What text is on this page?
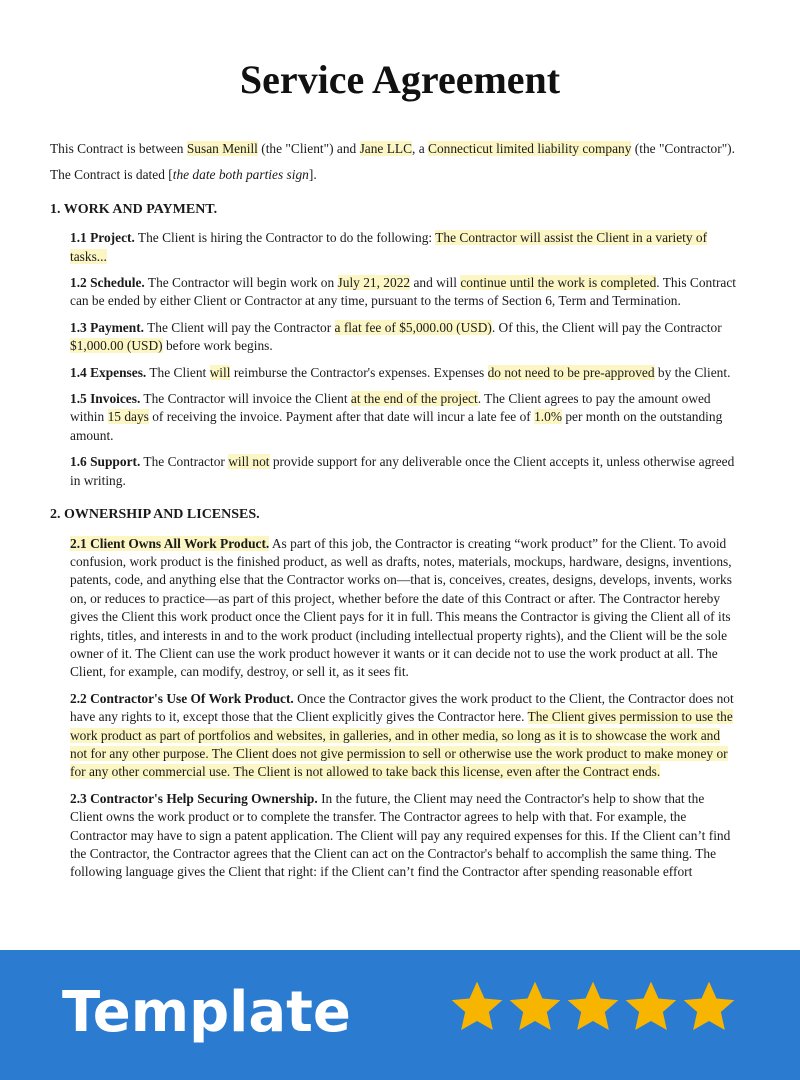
Service Agreement

This Contract is between Susan Menill (the "Client") and Jane LLC, a Connecticut limited liability company (the "Contractor").

The Contract is dated [the date both parties sign].

1. WORK AND PAYMENT.

1.1 Project. The Client is hiring the Contractor to do the following: The Contractor will assist the Client in a variety of tasks...

1.2 Schedule. The Contractor will begin work on July 21, 2022 and will continue until the work is completed. This Contract can be ended by either Client or Contractor at any time, pursuant to the terms of Section 6, Term and Termination.

1.3 Payment. The Client will pay the Contractor a flat fee of $5,000.00 (USD). Of this, the Client will pay the Contractor $1,000.00 (USD) before work begins.

1.4 Expenses. The Client will reimburse the Contractor's expenses. Expenses do not need to be pre-approved by the Client.

1.5 Invoices. The Contractor will invoice the Client at the end of the project. The Client agrees to pay the amount owed within 15 days of receiving the invoice. Payment after that date will incur a late fee of 1.0% per month on the outstanding amount.

1.6 Support. The Contractor will not provide support for any deliverable once the Client accepts it, unless otherwise agreed in writing.

2. OWNERSHIP AND LICENSES.

2.1 Client Owns All Work Product. As part of this job, the Contractor is creating “work product” for the Client. To avoid confusion, work product is the finished product, as well as drafts, notes, materials, mockups, hardware, designs, inventions, patents, code, and anything else that the Contractor works on—that is, conceives, creates, designs, develops, invents, works on, or reduces to practice—as part of this project, whether before the date of this Contract or after. The Contractor hereby gives the Client this work product once the Client pays for it in full. This means the Contractor is giving the Client all of its rights, titles, and interests in and to the work product (including intellectual property rights), and the Client will be the sole owner of it. The Client can use the work product however it wants or it can decide not to use the work product at all. The Client, for example, can modify, destroy, or sell it, as it sees fit.

2.2 Contractor's Use Of Work Product. Once the Contractor gives the work product to the Client, the Contractor does not have any rights to it, except those that the Client explicitly gives the Contractor here. The Client gives permission to use the work product as part of portfolios and websites, in galleries, and in other media, so long as it is to showcase the work and not for any other purpose. The Client does not give permission to sell or otherwise use the work product to make money or for any other commercial use. The Client is not allowed to take back this license, even after the Contract ends.

2.3 Contractor's Help Securing Ownership. In the future, the Client may need the Contractor's help to show that the Client owns the work product or to complete the transfer. The Contractor agrees to help with that. For example, the Contractor may have to sign a patent application. The Client will pay any required expenses for this. If the Client can’t find the Contractor, the Contractor agrees that the Client can act on the Contractor's behalf to accomplish the same thing. The following language gives the Client that right: if the Client can’t find the Contractor after spending reasonable effort

Template
